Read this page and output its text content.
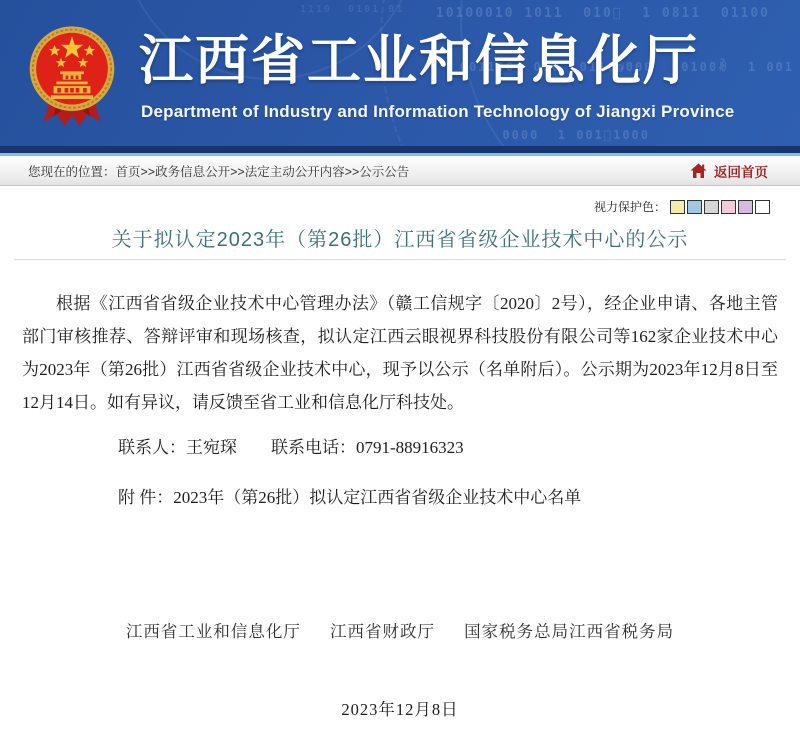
10100010 1011  010򠄀  1 0811  01100
001100  010  0110�000  10100ꀐ  1 001
0000  1 001򠀁1000
1110  0101 01
江西省工业和信息化厅
Department of Industry and Information Technology of Jiangxi Province
您现在的位置：首页>>政务信息公开>>法定主动公开内容>>公示公告	返回首页
视力保护色：
关于拟认定2023年（第26批）江西省省级企业技术中心的公示

根据《江西省省级企业技术中心管理办法》（赣工信规字〔2020〕2号），经企业申请、各地主管部门审核推荐、答辩评审和现场核查，拟认定江西云眼视界科技股份有限公司等162家企业技术中心为2023年（第26批）江西省省级企业技术中心，现予以公示（名单附后）。公示期为2023年12月8日至12月14日。如有异议，请反馈至省工业和信息化厅科技处。

联系人：王宛琛　　联系电话：0791-88916323

附 件：2023年（第26批）拟认定江西省省级企业技术中心名单

江西省工业和信息化厅 江西省财政厅 国家税务总局江西省税务局
2023年12月8日
